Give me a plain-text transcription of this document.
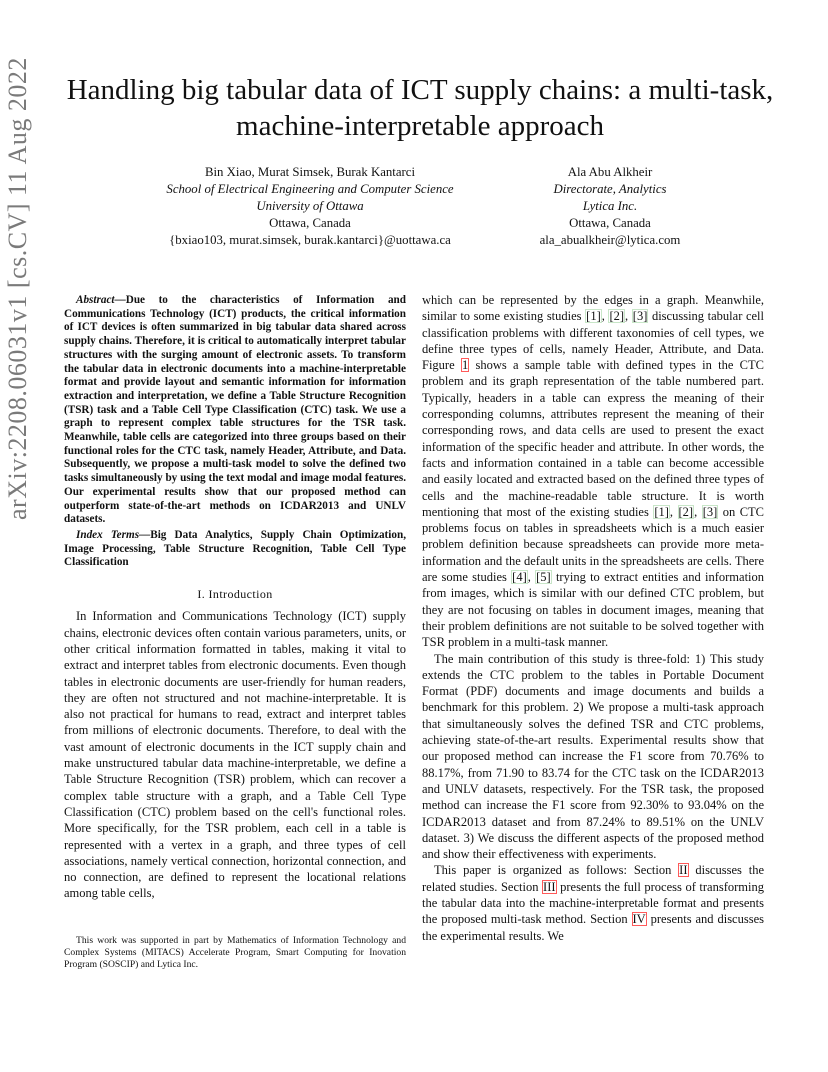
arXiv:2208.06031v1 [cs.CV] 11 Aug 2022 Handling big tabular data of ICT supply chains: a multi-task, machine-interpretable approach
Bin Xiao, Murat Simsek, Burak Kantarci
School of Electrical Engineering and Computer Science
University of Ottawa
Ottawa, Canada
{bxiao103, murat.simsek, burak.kantarci}@uottawa.ca
Ala Abu Alkheir
Directorate, Analytics
Lytica Inc.
Ottawa, Canada
ala_abualkheir@lytica.com

Abstract—Due to the characteristics of Information and Communications Technology (ICT) products, the critical information of ICT devices is often summarized in big tabular data shared across supply chains. Therefore, it is critical to automatically interpret tabular structures with the surging amount of electronic assets. To transform the tabular data in electronic documents into a machine-interpretable format and provide layout and semantic information for information extraction and interpretation, we define a Table Structure Recognition (TSR) task and a Table Cell Type Classification (CTC) task. We use a graph to represent complex table structures for the TSR task. Meanwhile, table cells are categorized into three groups based on their functional roles for the CTC task, namely Header, Attribute, and Data. Subsequently, we propose a multi-task model to solve the defined two tasks simultaneously by using the text modal and image modal features. Our experimental results show that our proposed method can outperform state-of-the-art methods on ICDAR2013 and UNLV datasets.

Index Terms—Big Data Analytics, Supply Chain Optimization, Image Processing, Table Structure Recognition, Table Cell Type Classification

I. Introduction

In Information and Communications Technology (ICT) supply chains, electronic devices often contain various parameters, units, or other critical information formatted in tables, making it vital to extract and interpret tables from electronic documents. Even though tables in electronic documents are user-friendly for human readers, they are often not structured and not machine-interpretable. It is also not practical for humans to read, extract and interpret tables from millions of electronic documents. Therefore, to deal with the vast amount of electronic documents in the ICT supply chain and make unstructured tabular data machine-interpretable, we define a Table Structure Recognition (TSR) problem, which can recover a complex table structure with a graph, and a Table Cell Type Classification (CTC) problem based on the cell's functional roles. More specifically, for the TSR problem, each cell in a table is represented with a vertex in a graph, and three types of cell associations, namely vertical connection, horizontal connection, and no connection, are defined to represent the locational relations among table cells,

This work was supported in part by Mathematics of Information Technology and Complex Systems (MITACS) Accelerate Program, Smart Computing for Inovation Program (SOSCIP) and Lytica Inc.

which can be represented by the edges in a graph. Meanwhile, similar to some existing studies [1], [2], [3] discussing tabular cell classification problems with different taxonomies of cell types, we define three types of cells, namely Header, Attribute, and Data. Figure 1 shows a sample table with defined types in the CTC problem and its graph representation of the table numbered part. Typically, headers in a table can express the meaning of their corresponding columns, attributes represent the meaning of their corresponding rows, and data cells are used to present the exact information of the specific header and attribute. In other words, the facts and information contained in a table can become accessible and easily located and extracted based on the defined three types of cells and the machine-readable table structure. It is worth mentioning that most of the existing studies [1], [2], [3] on CTC problems focus on tables in spreadsheets which is a much easier problem definition because spreadsheets can provide more meta-information and the default units in the spreadsheets are cells. There are some studies [4], [5] trying to extract entities and information from images, which is similar with our defined CTC problem, but they are not focusing on tables in document images, meaning that their problem definitions are not suitable to be solved together with TSR problem in a multi-task manner.

The main contribution of this study is three-fold: 1) This study extends the CTC problem to the tables in Portable Document Format (PDF) documents and image documents and builds a benchmark for this problem. 2) We propose a multi-task approach that simultaneously solves the defined TSR and CTC problems, achieving state-of-the-art results. Experimental results show that our proposed method can increase the F1 score from 70.76% to 88.17%, from 71.90 to 83.74 for the CTC task on the ICDAR2013 and UNLV datasets, respectively. For the TSR task, the proposed method can increase the F1 score from 92.30% to 93.04% on the ICDAR2013 dataset and from 87.24% to 89.51% on the UNLV dataset. 3) We discuss the different aspects of the proposed method and show their effectiveness with experiments.

This paper is organized as follows: Section II discusses the related studies. Section III presents the full process of transforming the tabular data into the machine-interpretable format and presents the proposed multi-task method. Section IV presents and discusses the experimental results. We
